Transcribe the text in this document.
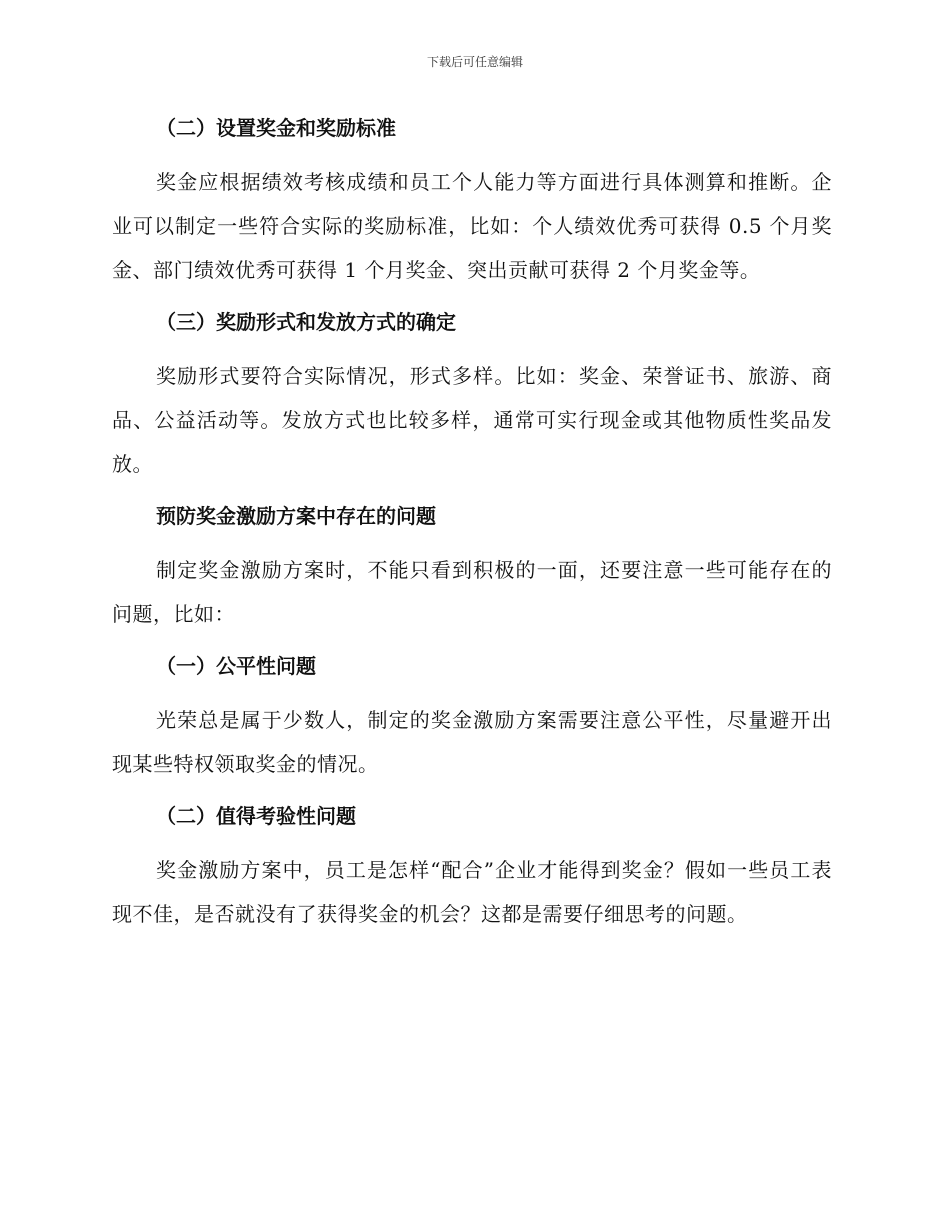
下载后可任意编辑
（二）设置奖金和奖励标准

奖金应根据绩效考核成绩和员工个人能力等方面进行具体测算和推断。企业可以制定一些符合实际的奖励标准，比如：个人绩效优秀可获得 0.5 个月奖金、部门绩效优秀可获得 1 个月奖金、突出贡献可获得 2 个月奖金等。

（三）奖励形式和发放方式的确定

奖励形式要符合实际情况，形式多样。比如：奖金、荣誉证书、旅游、商品、公益活动等。发放方式也比较多样，通常可实行现金或其他物质性奖品发放。

预防奖金激励方案中存在的问题

制定奖金激励方案时，不能只看到积极的一面，还要注意一些可能存在的问题，比如：

（一）公平性问题

光荣总是属于少数人，制定的奖金激励方案需要注意公平性，尽量避开出现某些特权领取奖金的情况。

（二）值得考验性问题

奖金激励方案中，员工是怎样“配合”企业才能得到奖金？假如一些员工表现不佳，是否就没有了获得奖金的机会？这都是需要仔细思考的问题。
